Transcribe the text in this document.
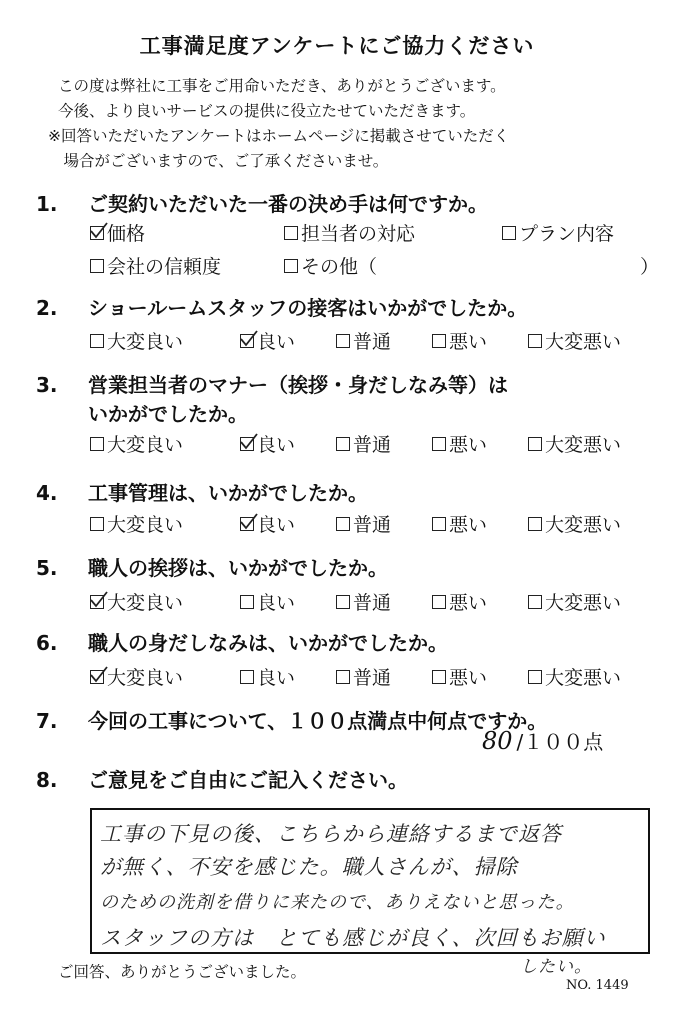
工事満足度アンケートにご協力ください
この度は弊社に工事をご用命いただき、ありがとうございます。
今後、より良いサービスの提供に役立たせていただきます。
※回答いただいたアンケートはホームページに掲載させていただく
　場合がございますので、ご了承くださいませ。
1. ご契約いただいた一番の決め手は何ですか。
価格	担当者の対応	プラン内容
会社の信頼度	その他（	）
2. ショールームスタッフの接客はいかがでしたか。
大変良い	良い	普通	悪い	大変悪い
3. 営業担当者のマナー（挨拶・身だしなみ等）は
いかがでしたか。
大変良い	良い	普通	悪い	大変悪い
4. 工事管理は、いかがでしたか。
大変良い	良い	普通	悪い	大変悪い
5. 職人の挨拶は、いかがでしたか。
大変良い	良い	普通	悪い	大変悪い
6. 職人の身だしなみは、いかがでしたか。
大変良い	良い	普通	悪い	大変悪い
7. 今回の工事について、１００点満点中何点ですか。
80 /１００点
8. ご意見をご自由にご記入ください。
工事の下見の後、こちらから連絡するまで返答
が無く、不安を感じた。職人さんが、掃除
のための洗剤を借りに来たので、ありえないと思った。
スタッフの方は　とても感じが良く、次回もお願い
したい。
ご回答、ありがとうございました。
NO. 1449
